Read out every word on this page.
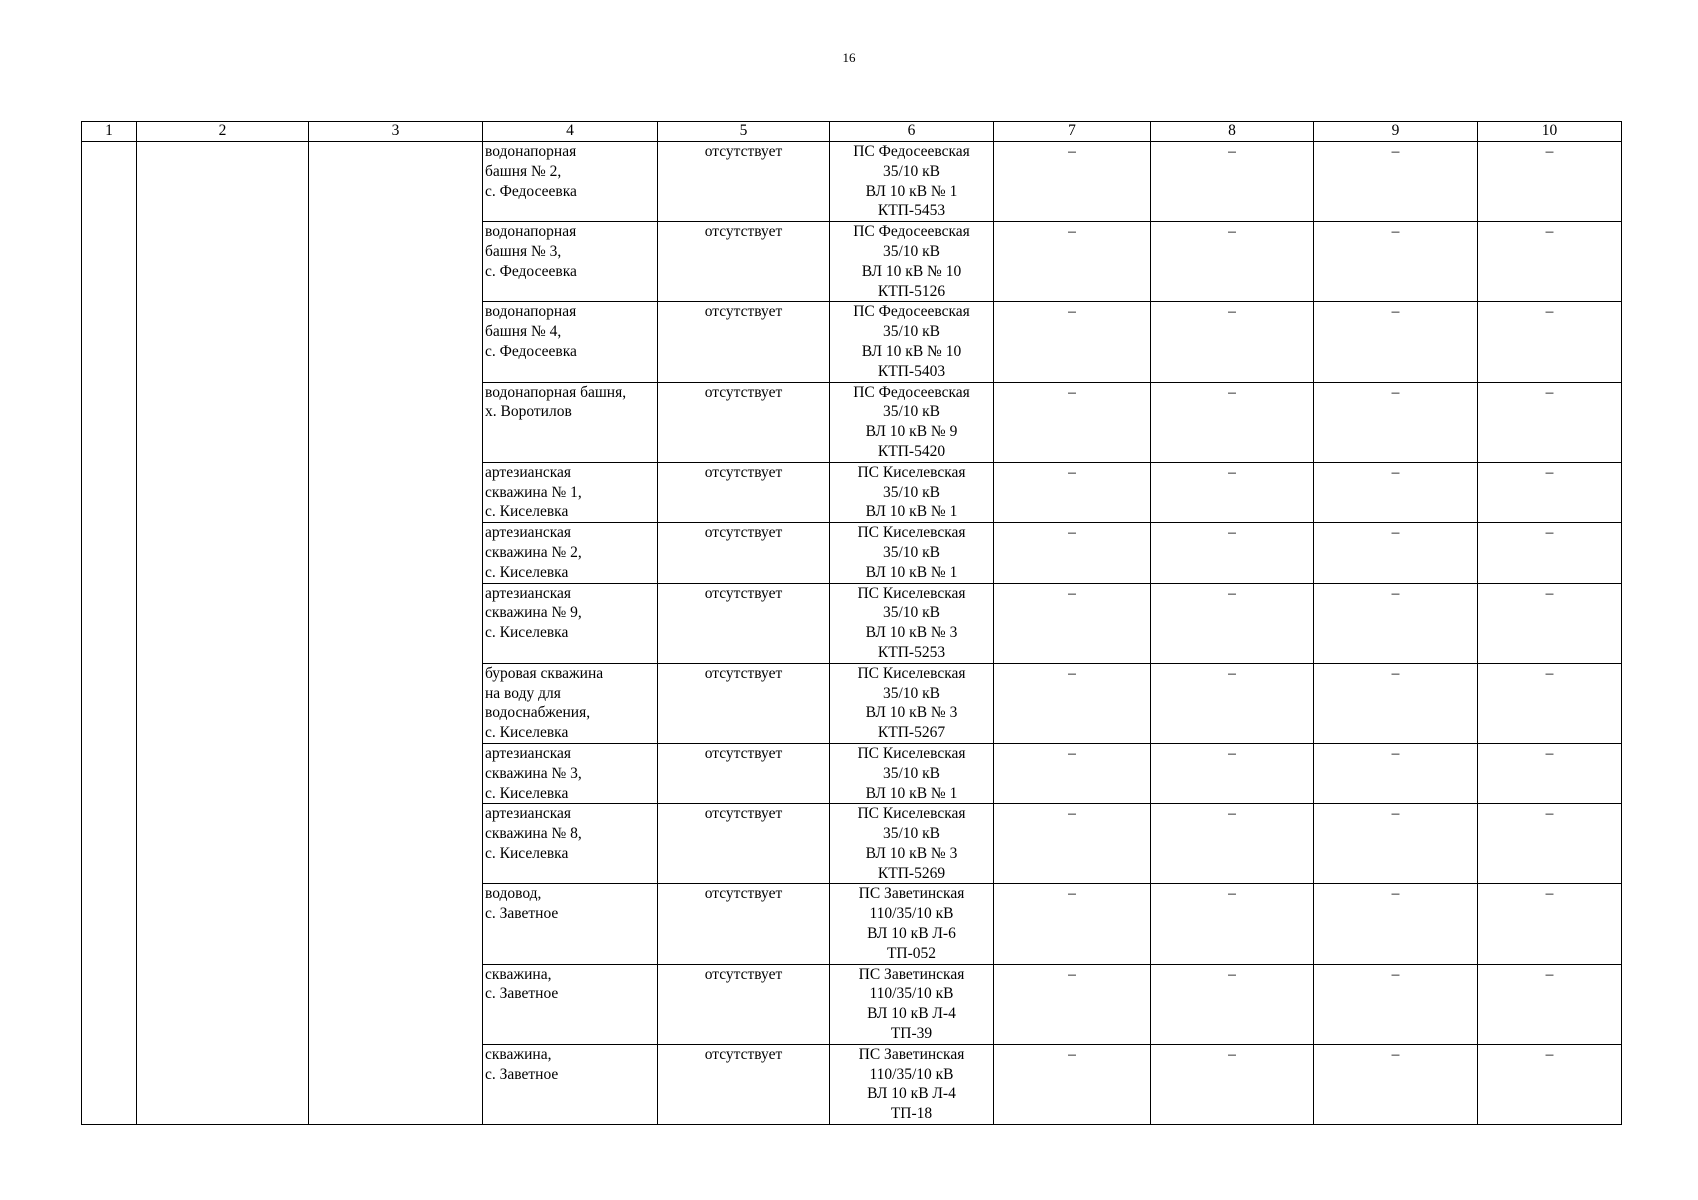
16
1	2	3	4	5	6	7	8	9	10
			водонапорная
башня № 2,
с. Федосеевка	отсутствует	ПС Федосеевская
35/10 кВ
ВЛ 10 кВ № 1
КТП-5453	–	–	–	–
			водонапорная
башня № 3,
с. Федосеевка	отсутствует	ПС Федосеевская
35/10 кВ
ВЛ 10 кВ № 10
КТП-5126	–	–	–	–
			водонапорная
башня № 4,
с. Федосеевка	отсутствует	ПС Федосеевская
35/10 кВ
ВЛ 10 кВ № 10
КТП-5403	–	–	–	–
			водонапорная башня,
х. Воротилов	отсутствует	ПС Федосеевская
35/10 кВ
ВЛ 10 кВ № 9
КТП-5420	–	–	–	–
			артезианская
скважина № 1,
с. Киселевка	отсутствует	ПС Киселевская
35/10 кВ
ВЛ 10 кВ № 1	–	–	–	–
			артезианская
скважина № 2,
с. Киселевка	отсутствует	ПС Киселевская
35/10 кВ
ВЛ 10 кВ № 1	–	–	–	–
			артезианская
скважина № 9,
с. Киселевка	отсутствует	ПС Киселевская
35/10 кВ
ВЛ 10 кВ № 3
КТП-5253	–	–	–	–
			буровая скважина
на воду для
водоснабжения,
с. Киселевка	отсутствует	ПС Киселевская
35/10 кВ
ВЛ 10 кВ № 3
КТП-5267	–	–	–	–
			артезианская
скважина № 3,
с. Киселевка	отсутствует	ПС Киселевская
35/10 кВ
ВЛ 10 кВ № 1	–	–	–	–
			артезианская
скважина № 8,
с. Киселевка	отсутствует	ПС Киселевская
35/10 кВ
ВЛ 10 кВ № 3
КТП-5269	–	–	–	–
			водовод,
с. Заветное	отсутствует	ПС Заветинская
110/35/10 кВ
ВЛ 10 кВ Л-6
ТП-052	–	–	–	–
			скважина,
с. Заветное	отсутствует	ПС Заветинская
110/35/10 кВ
ВЛ 10 кВ Л-4
ТП-39	–	–	–	–
			скважина,
с. Заветное	отсутствует	ПС Заветинская
110/35/10 кВ
ВЛ 10 кВ Л-4
ТП-18	–	–	–	–
